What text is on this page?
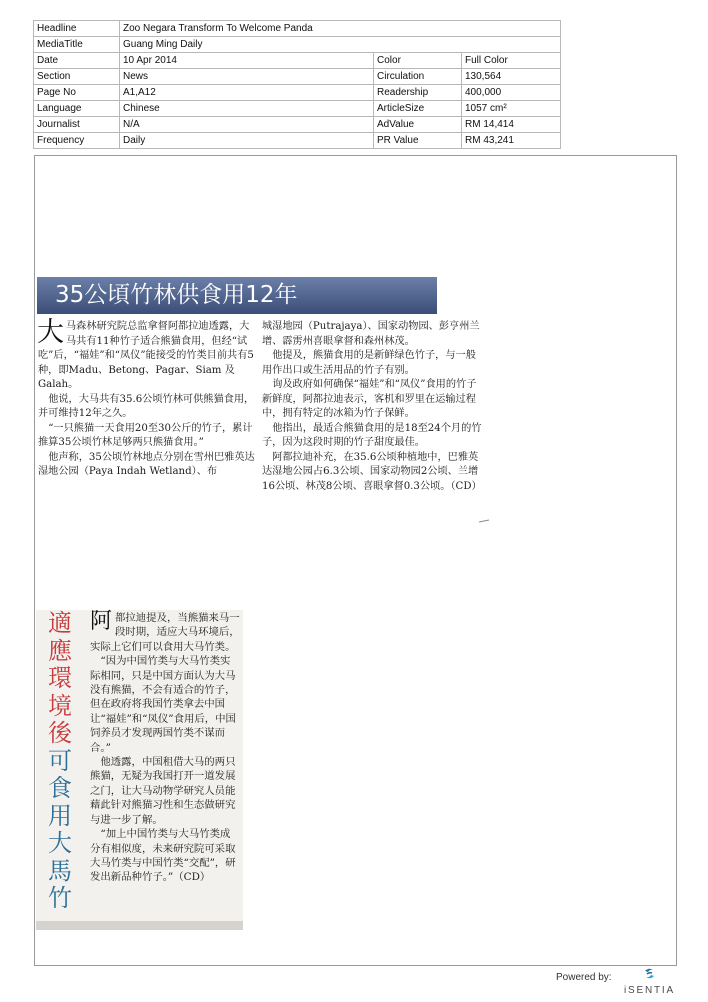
Headline	Zoo Negara Transform To Welcome Panda
MediaTitle	Guang Ming Daily
Date	10 Apr 2014	Color	Full Color
Section	News	Circulation	130,564
Page No	A1,A12	Readership	400,000
Language	Chinese	ArticleSize	1057 cm²
Journalist	N/A	AdValue	RM 14,414
Frequency	Daily	PR Value	RM 43,241
35公頃竹林供食用12年

大马森林研究院总监拿督阿都拉迪透露，大马共有11种竹子适合熊猫食用，但经“试吃”后，“福娃”和“凤仪”能接受的竹类目前共有5种，即Madu、Betong、Pagar、Siam 及Galah。

他说，大马共有35.6公顷竹林可供熊猫食用，并可维持12年之久。

“一只熊猫一天食用20至30公斤的竹子，累计推算35公顷竹林足够两只熊猫食用。”

他声称，35公顷竹林地点分别在雪州巴雅英达湿地公园（Paya Indah Wetland）、布

城湿地园（Putrajaya）、国家动物园、彭亨州兰增、霹雳州喜眼拿督和森州林茂。

他提及，熊猫食用的是新鲜绿色竹子，与一般用作出口或生活用品的竹子有别。

询及政府如何确保“福娃”和“凤仪”食用的竹子新鲜度，阿都拉迪表示，客机和罗里在运输过程中，拥有特定的冰箱为竹子保鲜。

他指出，最适合熊猫食用的是18至24个月的竹子，因为这段时期的竹子甜度最佳。

阿都拉迪补充，在35.6公顷种植地中，巴雅英达湿地公园占6.3公顷、国家动物园2公顷、兰增16公顷、林茂8公顷、喜眼拿督0.3公顷。（CD）

適應環境後
可食用大馬竹

阿都拉迪提及，当熊猫来马一段时期，适应大马环境后，实际上它们可以食用大马竹类。

“因为中国竹类与大马竹类实际相同，只是中国方面认为大马没有熊猫，不会有适合的竹子，但在政府将我国竹类拿去中国让“福娃”和“凤仪”食用后，中国饲养员才发现两国竹类不谋而合。”

他透露，中国租借大马的两只熊猫，无疑为我国打开一道发展之门，让大马动物学研究人员能藉此针对熊猫习性和生态做研究与进一步了解。

“加上中国竹类与大马竹类成分有相似度，未来研究院可采取大马竹类与中国竹类“交配”，研发出新品种竹子。”（CD）

Powered by:
iSENTIA
